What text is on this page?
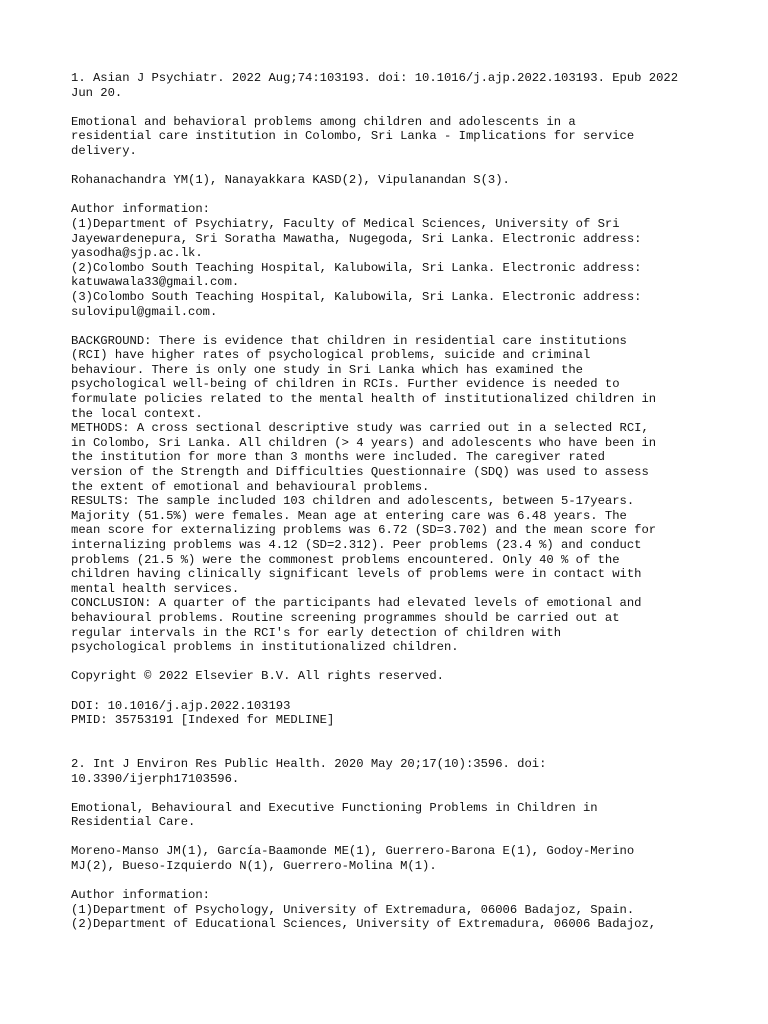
1. Asian J Psychiatr. 2022 Aug;74:103193. doi: 10.1016/j.ajp.2022.103193. Epub 2022
Jun 20.
Emotional and behavioral problems among children and adolescents in a
residential care institution in Colombo, Sri Lanka - Implications for service
delivery.
Rohanachandra YM(1), Nanayakkara KASD(2), Vipulanandan S(3).
Author information:
(1)Department of Psychiatry, Faculty of Medical Sciences, University of Sri
Jayewardenepura, Sri Soratha Mawatha, Nugegoda, Sri Lanka. Electronic address:
yasodha@sjp.ac.lk.
(2)Colombo South Teaching Hospital, Kalubowila, Sri Lanka. Electronic address:
katuwawala33@gmail.com.
(3)Colombo South Teaching Hospital, Kalubowila, Sri Lanka. Electronic address:
sulovipul@gmail.com.
BACKGROUND: There is evidence that children in residential care institutions
(RCI) have higher rates of psychological problems, suicide and criminal
behaviour. There is only one study in Sri Lanka which has examined the
psychological well-being of children in RCIs. Further evidence is needed to
formulate policies related to the mental health of institutionalized children in
the local context.
METHODS: A cross sectional descriptive study was carried out in a selected RCI,
in Colombo, Sri Lanka. All children (> 4 years) and adolescents who have been in
the institution for more than 3 months were included. The caregiver rated
version of the Strength and Difficulties Questionnaire (SDQ) was used to assess
the extent of emotional and behavioural problems.
RESULTS: The sample included 103 children and adolescents, between 5-17years.
Majority (51.5%) were females. Mean age at entering care was 6.48 years. The
mean score for externalizing problems was 6.72 (SD=3.702) and the mean score for
internalizing problems was 4.12 (SD=2.312). Peer problems (23.4 %) and conduct
problems (21.5 %) were the commonest problems encountered. Only 40 % of the
children having clinically significant levels of problems were in contact with
mental health services.
CONCLUSION: A quarter of the participants had elevated levels of emotional and
behavioural problems. Routine screening programmes should be carried out at
regular intervals in the RCI's for early detection of children with
psychological problems in institutionalized children.
Copyright © 2022 Elsevier B.V. All rights reserved.
DOI: 10.1016/j.ajp.2022.103193
PMID: 35753191 [Indexed for MEDLINE]
2. Int J Environ Res Public Health. 2020 May 20;17(10):3596. doi:
10.3390/ijerph17103596.
Emotional, Behavioural and Executive Functioning Problems in Children in
Residential Care.
Moreno-Manso JM(1), García-Baamonde ME(1), Guerrero-Barona E(1), Godoy-Merino
MJ(2), Bueso-Izquierdo N(1), Guerrero-Molina M(1).
Author information:
(1)Department of Psychology, University of Extremadura, 06006 Badajoz, Spain.
(2)Department of Educational Sciences, University of Extremadura, 06006 Badajoz,
